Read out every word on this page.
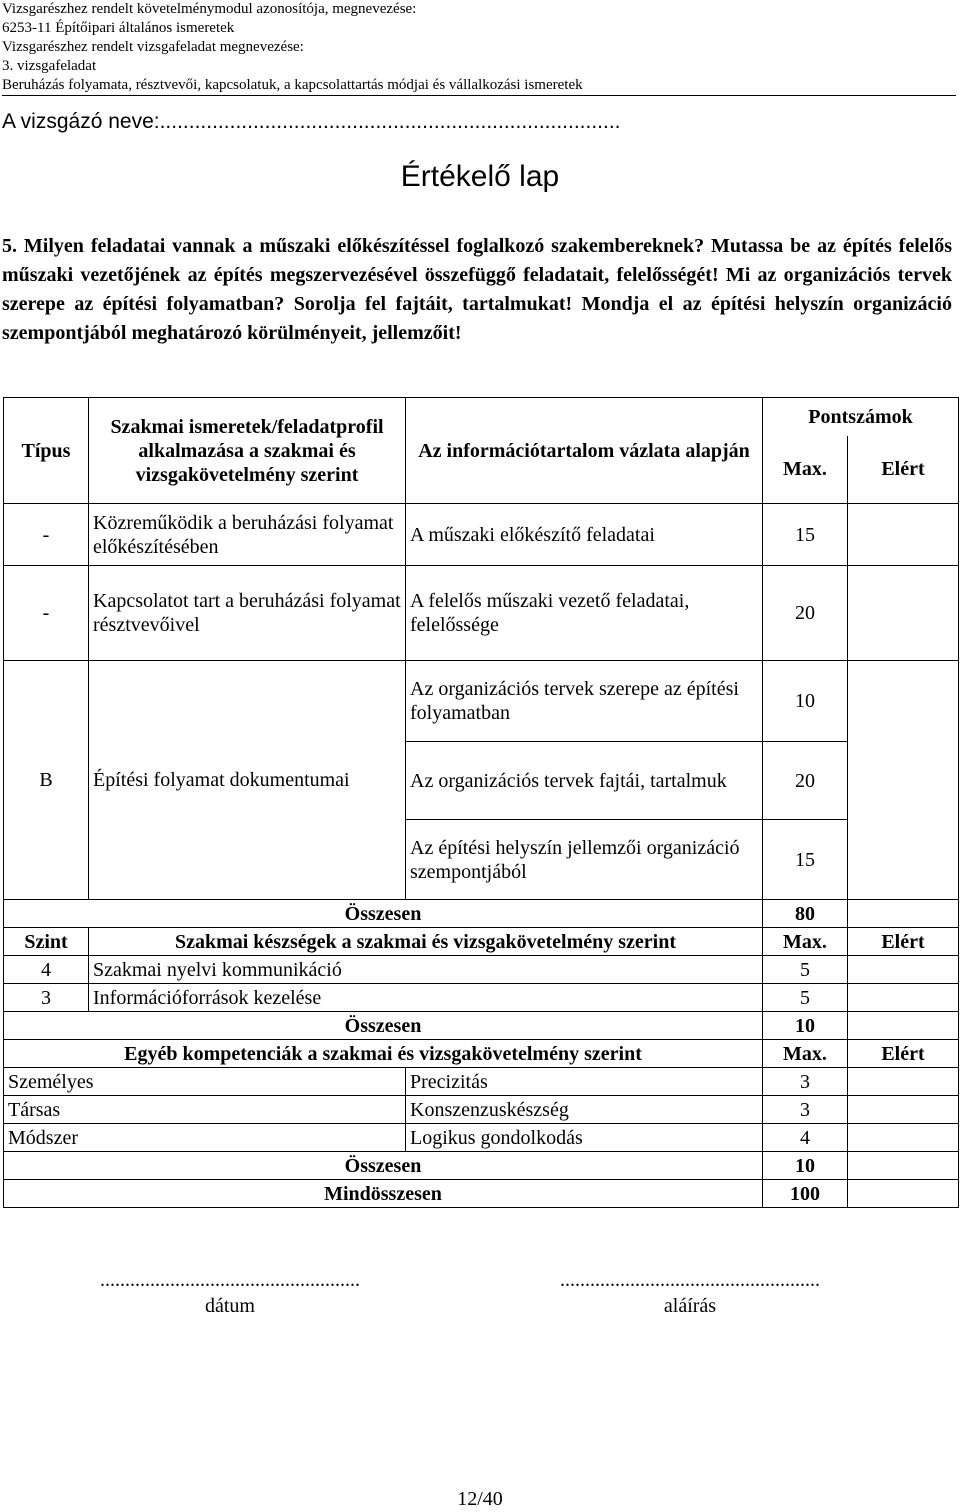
Vizsgarészhez rendelt követelménymodul azonosítója, megnevezése:
6253-11 Építőipari általános ismeretek
Vizsgarészhez rendelt vizsgafeladat megnevezése:
3. vizsgafeladat
Beruházás folyamata, résztvevői, kapcsolatuk, a kapcsolattartás módjai és vállalkozási ismeretek
A vizsgázó neve:...............................................................................
Értékelő lap
5. Milyen feladatai vannak a műszaki előkészítéssel foglalkozó szakembereknek? Mutassa be az építés felelős műszaki vezetőjének az építés megszervezésével összefüggő feladatait, felelősségét! Mi az organizációs tervek szerepe az építési folyamatban? Sorolja fel fajtáit, tartalmukat! Mondja el az építési helyszín organizáció szempontjából meghatározó körülményeit, jellemzőit!
Típus	Szakmai ismeretek/feladatprofil alkalmazása a szakmai és vizsgakövetelmény szerint	Az információtartalom vázlata alapján	Pontszámok	
			Max.	Elért
-	Közreműködik a beruházási folyamat előkészítésében	A műszaki előkészítő feladatai	15	
-	Kapcsolatot tart a beruházási folyamat résztvevőivel	A felelős műszaki vezető feladatai, felelőssége	20	
B	Építési folyamat dokumentumai	Az organizációs tervek szerepe az építési folyamatban	10	
		Az organizációs tervek fajtái, tartalmuk	20	
		Az építési helyszín jellemzői organizáció szempontjából	15	
Összesen			80	
Szint	Szakmai készségek a szakmai és vizsgakövetelmény szerint		Max.	Elért
4	Szakmai nyelvi kommunikáció		5	
3	Információforrások kezelése		5	
Összesen			10	
Egyéb kompetenciák a szakmai és vizsgakövetelmény szerint			Max.	Elért
Személyes		Precizitás	3	
Társas		Konszenzuskészség	3	
Módszer		Logikus gondolkodás	4	
Összesen			10	
Mindösszesen			100	
....................................................
dátum
....................................................
aláírás
12/40
